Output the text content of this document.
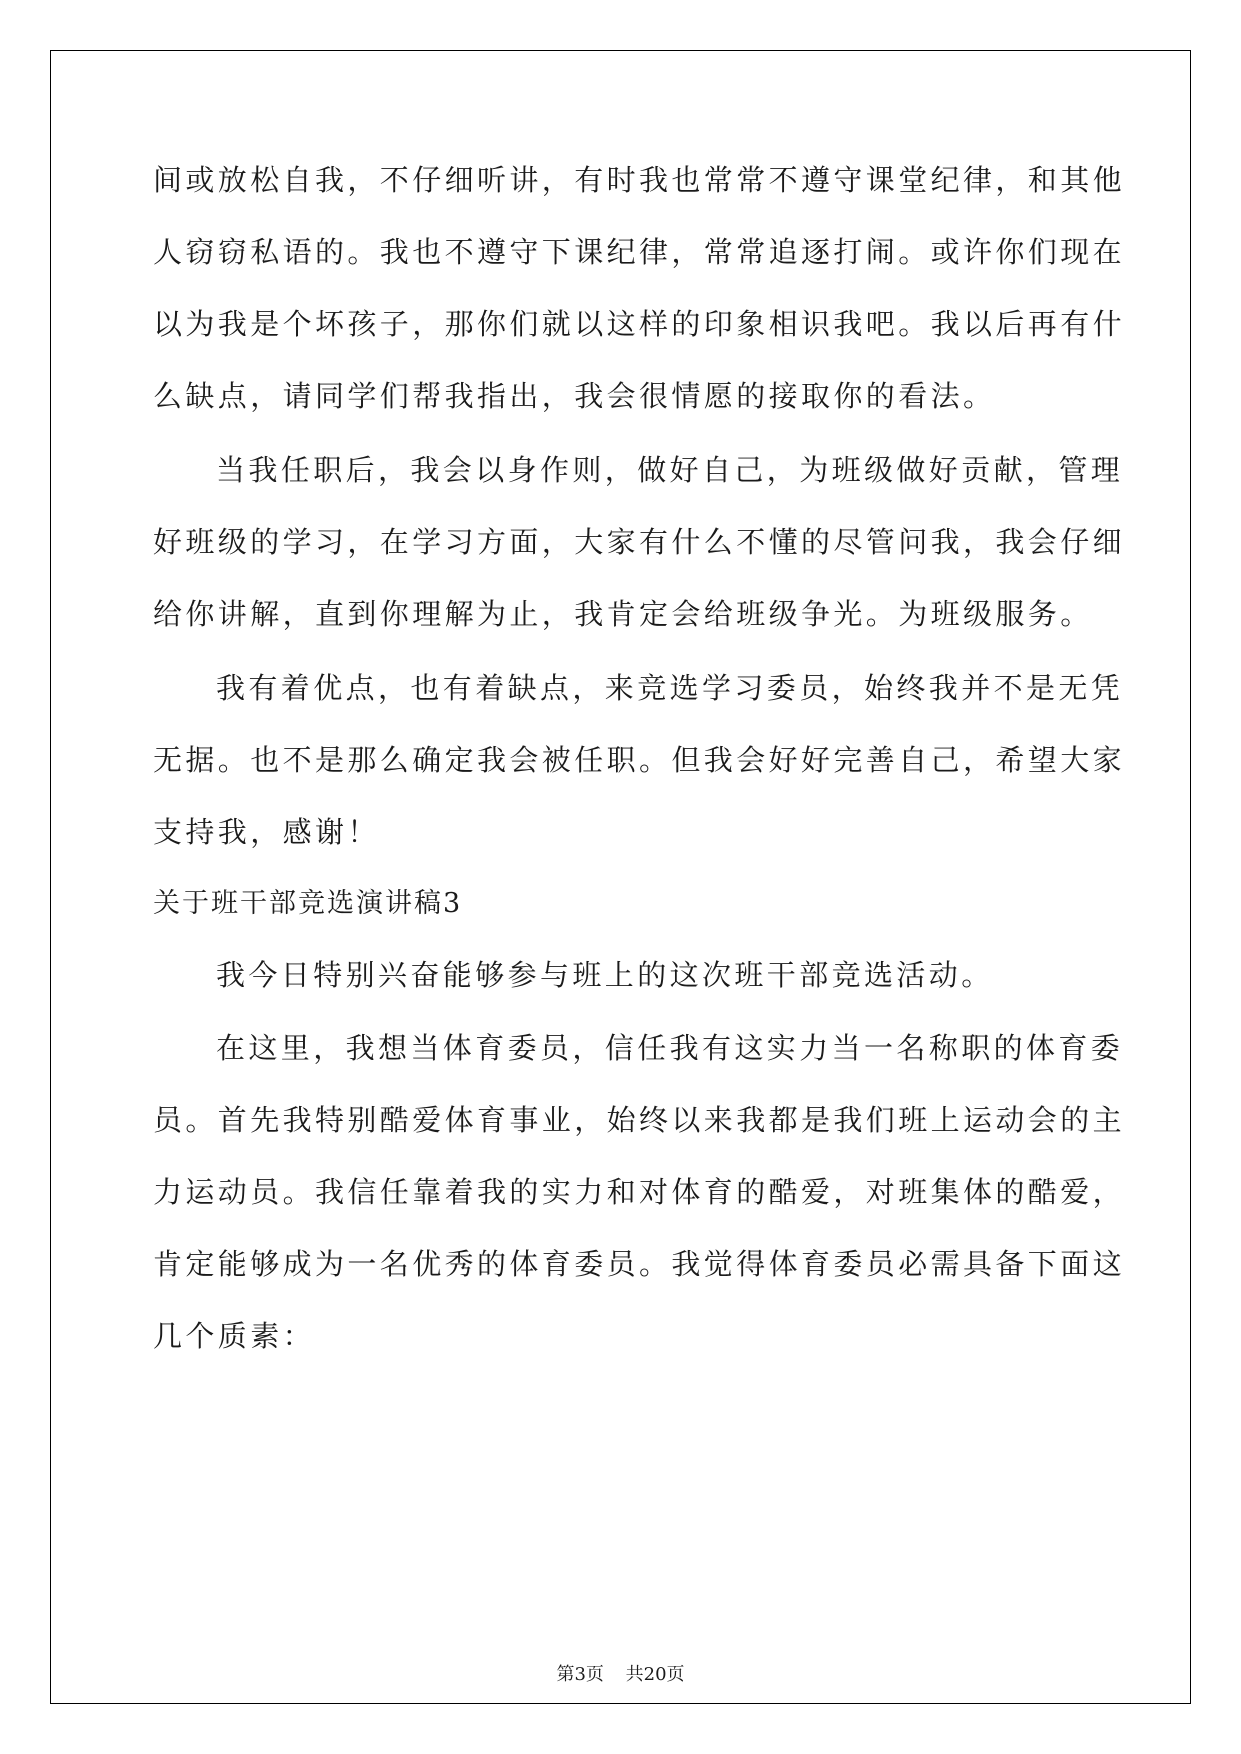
间或放松自我，不仔细听讲，有时我也常常不遵守课堂纪律，和其他
人窃窃私语的。我也不遵守下课纪律，常常追逐打闹。或许你们现在
以为我是个坏孩子，那你们就以这样的印象相识我吧。我以后再有什
么缺点，请同学们帮我指出，我会很情愿的接取你的看法。
当我任职后，我会以身作则，做好自己，为班级做好贡献，管理
好班级的学习，在学习方面，大家有什么不懂的尽管问我，我会仔细
给你讲解，直到你理解为止，我肯定会给班级争光。为班级服务。
我有着优点，也有着缺点，来竞选学习委员，始终我并不是无凭
无据。也不是那么确定我会被任职。但我会好好完善自己，希望大家
支持我，感谢！
关于班干部竞选演讲稿3
我今日特别兴奋能够参与班上的这次班干部竞选活动。
在这里，我想当体育委员，信任我有这实力当一名称职的体育委
员。首先我特别酷爱体育事业，始终以来我都是我们班上运动会的主
力运动员。我信任靠着我的实力和对体育的酷爱，对班集体的酷爱，
肯定能够成为一名优秀的体育委员。我觉得体育委员必需具备下面这
几个质素：
第3页 共20页
